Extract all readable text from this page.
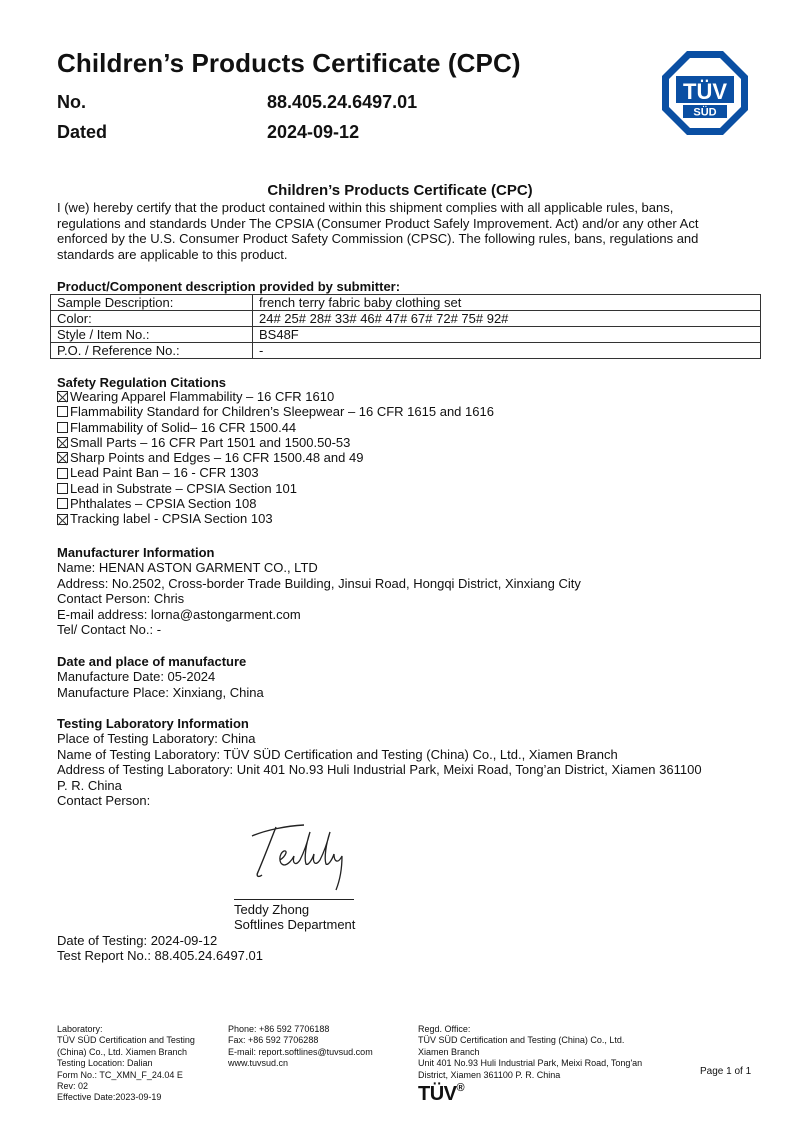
Children’s Products Certificate (CPC)
No.	88.405.24.6497.01
Dated	2024-09-12
TÜV
SÜD
Children’s Products Certificate (CPC)
I (we) hereby certify that the product contained within this shipment complies with all applicable rules, bans,
regulations and standards Under The CPSIA (Consumer Product Safely Improvement. Act) and/or any other Act
enforced by the U.S. Consumer Product Safety Commission (CPSC). The following rules, bans, regulations and
standards are applicable to this product.
Product/Component description provided by submitter:
Sample Description:	french terry fabric baby clothing set
Color:	24# 25# 28# 33# 46# 47# 67# 72# 75# 92#
Style / Item No.:	BS48F
P.O. / Reference No.:	-
Safety Regulation Citations
Wearing Apparel Flammability – 16 CFR 1610
Flammability Standard for Children’s Sleepwear – 16 CFR 1615 and 1616
Flammability of Solid– 16 CFR 1500.44
Small Parts – 16 CFR Part 1501 and 1500.50-53
Sharp Points and Edges – 16 CFR 1500.48 and 49
Lead Paint Ban – 16 - CFR 1303
Lead in Substrate – CPSIA Section 101
Phthalates – CPSIA Section 108
Tracking label - CPSIA Section 103
Manufacturer Information
Name: HENAN ASTON GARMENT CO., LTD
Address: No.2502, Cross-border Trade Building, Jinsui Road, Hongqi District, Xinxiang City
Contact Person: Chris
E-mail address: lorna@astongarment.com
Tel/ Contact No.: -
Date and place of manufacture
Manufacture Date: 05-2024
Manufacture Place: Xinxiang, China
Testing Laboratory Information
Place of Testing Laboratory: China
Name of Testing Laboratory: TÜV SÜD Certification and Testing (China) Co., Ltd., Xiamen Branch
Address of Testing Laboratory: Unit 401 No.93 Huli Industrial Park, Meixi Road, Tong’an District, Xiamen 361100
P. R. China
Contact Person:
Teddy Zhong
Softlines Department
Date of Testing: 2024-09-12
Test Report No.: 88.405.24.6497.01
Laboratory:
TÜV SÜD Certification and Testing
(China) Co., Ltd. Xiamen Branch
Testing Location: Dalian
Form No.: TC_XMN_F_24.04 E
Rev: 02
Effective Date:2023-09-19
Phone: +86 592 7706188
Fax: +86 592 7706288
E-mail: report.softlines@tuvsud.com
www.tuvsud.cn
Regd. Office:
TÜV SÜD Certification and Testing (China) Co., Ltd.
Xiamen Branch
Unit 401 No.93 Huli Industrial Park, Meixi Road, Tong'an
District, Xiamen 361100 P. R. China	Page 1 of 1
TÜV®
